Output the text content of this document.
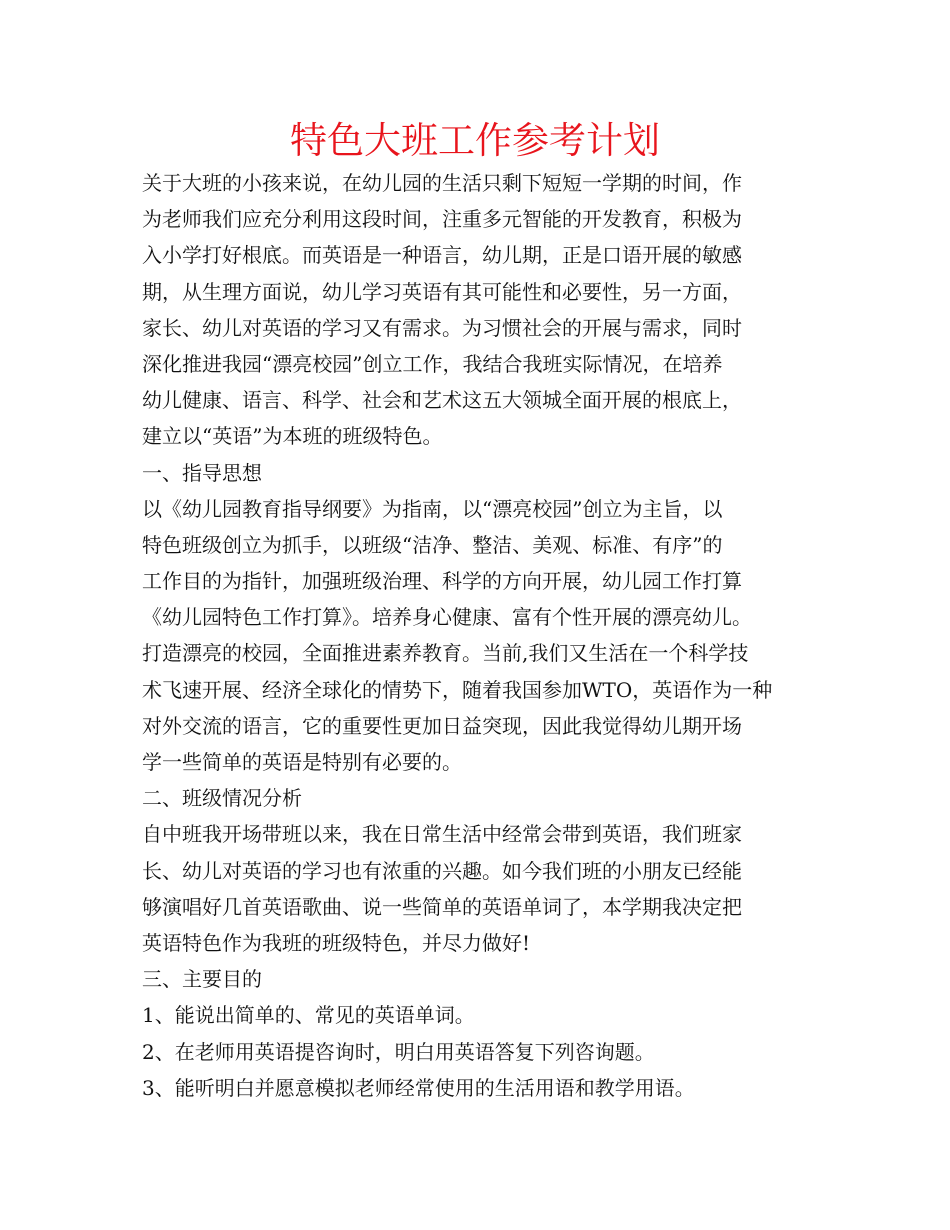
特色大班工作参考计划
关于大班的小孩来说，在幼儿园的生活只剩下短短一学期的时间，作
为老师我们应充分利用这段时间，注重多元智能的开发教育，积极为
入小学打好根底。而英语是一种语言，幼儿期，正是口语开展的敏感
期，从生理方面说，幼儿学习英语有其可能性和必要性，另一方面，
家长、幼儿对英语的学习又有需求。为习惯社会的开展与需求，同时
深化推进我园“漂亮校园”创立工作，我结合我班实际情况，在培养
幼儿健康、语言、科学、社会和艺术这五大领城全面开展的根底上，
建立以“英语”为本班的班级特色。
一、指导思想
以《幼儿园教育指导纲要》为指南，以“漂亮校园”创立为主旨，以
特色班级创立为抓手，以班级“洁净、整洁、美观、标准、有序”的
工作目的为指针，加强班级治理、科学的方向开展，幼儿园工作打算
《幼儿园特色工作打算》。培养身心健康、富有个性开展的漂亮幼儿。
打造漂亮的校园，全面推进素养教育。当前,我们又生活在一个科学技
术飞速开展、经济全球化的情势下，随着我国参加WTO，英语作为一种
对外交流的语言，它的重要性更加日益突现，因此我觉得幼儿期开场
学一些简单的英语是特别有必要的。
二、班级情况分析
自中班我开场带班以来，我在日常生活中经常会带到英语，我们班家
长、幼儿对英语的学习也有浓重的兴趣。如今我们班的小朋友已经能
够演唱好几首英语歌曲、说一些简单的英语单词了，本学期我决定把
英语特色作为我班的班级特色，并尽力做好!
三、主要目的
1、能说出简单的、常见的英语单词。
2、在老师用英语提咨询时，明白用英语答复下列咨询题。
3、能听明白并愿意模拟老师经常使用的生活用语和教学用语。
